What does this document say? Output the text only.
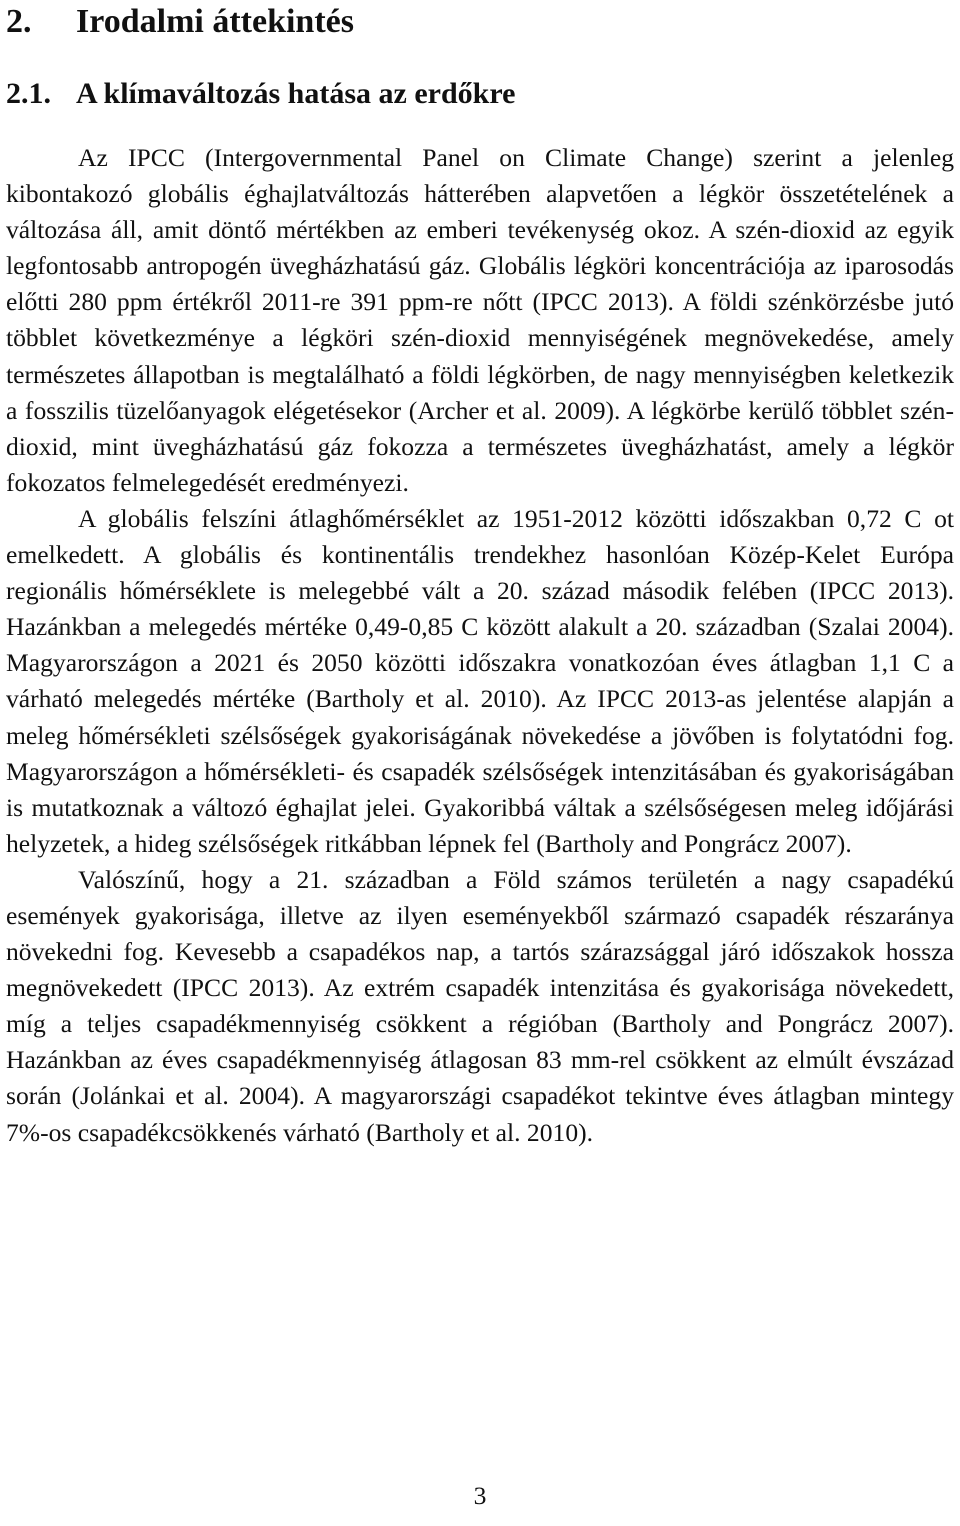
2. Irodalmi áttekintés
2.1. A klímaváltozás hatása az erdőkre

Az IPCC (Intergovernmental Panel on Climate Change) szerint a jelenleg kibontakozó globális éghajlatváltozás hátterében alapvetően a légkör összetételének a változása áll, amit döntő mértékben az emberi tevékenység okoz. A szén-dioxid az egyik legfontosabb antropogén üvegházhatású gáz. Globális légköri koncentrációja az iparosodás előtti 280 ppm értékről 2011-re 391 ppm-re nőtt (IPCC 2013). A földi szénkörzésbe jutó többlet következménye a légköri szén-dioxid mennyiségének megnövekedése, amely természetes állapotban is megtalálható a földi légkörben, de nagy mennyiségben keletkezik a fosszilis tüzelőanyagok elégetésekor (Archer et al. 2009). A légkörbe kerülő többlet szén-dioxid, mint üvegházhatású gáz fokozza a természetes üvegházhatást, amely a légkör fokozatos felmelegedését eredményezi.

A globális felszíni átlaghőmérséklet az 1951-2012 közötti időszakban 0,72 C ot emelkedett. A globális és kontinentális trendekhez hasonlóan Közép-Kelet Európa regionális hőmérséklete is melegebbé vált a 20. század második felében (IPCC 2013). Hazánkban a melegedés mértéke 0,49-0,85 C között alakult a 20. században (Szalai 2004). Magyarországon a 2021 és 2050 közötti időszakra vonatkozóan éves átlagban 1,1 C a várható melegedés mértéke (Bartholy et al. 2010). Az IPCC 2013-as jelentése alapján a meleg hőmérsékleti szélsőségek gyakoriságának növekedése a jövőben is folytatódni fog. Magyarországon a hőmérsékleti- és csapadék szélsőségek intenzitásában és gyakoriságában is mutatkoznak a változó éghajlat jelei. Gyakoribbá váltak a szélsőségesen meleg időjárási helyzetek, a hideg szélsőségek ritkábban lépnek fel (Bartholy and Pongrácz 2007).

Valószínű, hogy a 21. században a Föld számos területén a nagy csapadékú események gyakorisága, illetve az ilyen eseményekből származó csapadék részaránya növekedni fog. Kevesebb a csapadékos nap, a tartós szárazsággal járó időszakok hossza megnövekedett (IPCC 2013). Az extrém csapadék intenzitása és gyakorisága növekedett, míg a teljes csapadékmennyiség csökkent a régióban (Bartholy and Pongrácz 2007). Hazánkban az éves csapadékmennyiség átlagosan 83 mm-rel csökkent az elmúlt évszázad során (Jolánkai et al. 2004). A magyarországi csapadékot tekintve éves átlagban mintegy 7%-os csapadékcsökkenés várható (Bartholy et al. 2010).

3
